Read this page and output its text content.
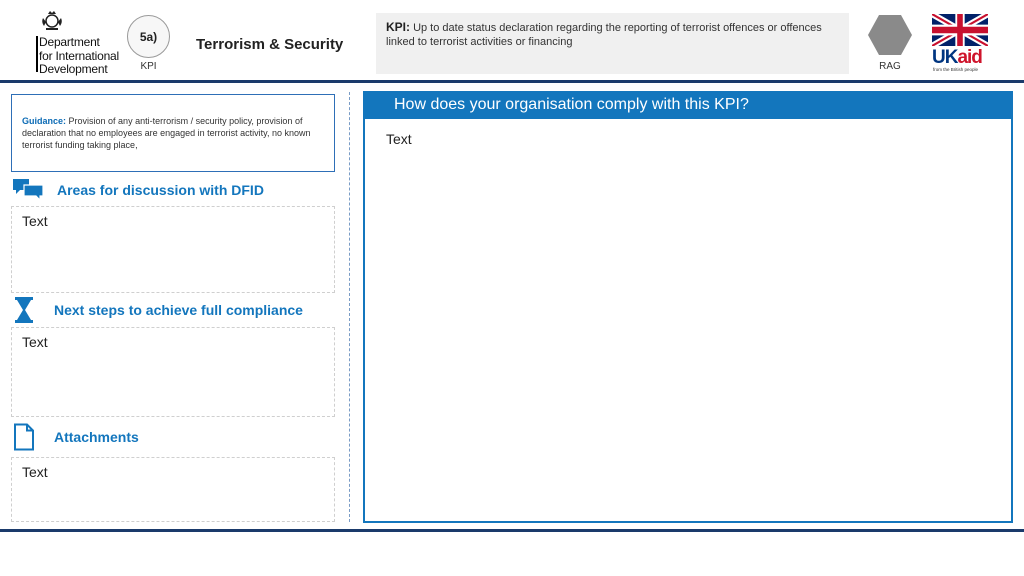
Department
for International
Development
5a)
KPI
Terrorism & Security
KPI: Up to date status declaration regarding the reporting of terrorist offences or offences linked to terrorist activities or financing
RAG	UKaid
from the British people
Guidance: Provision of any anti-terrorism / security policy, provision of declaration that no employees are engaged in terrorist activity, no known terrorist funding taking place,
Areas for discussion with DFID
Text
Next steps to achieve full compliance
Text
Attachments
Text
How does your organisation comply with this KPI?
Text
